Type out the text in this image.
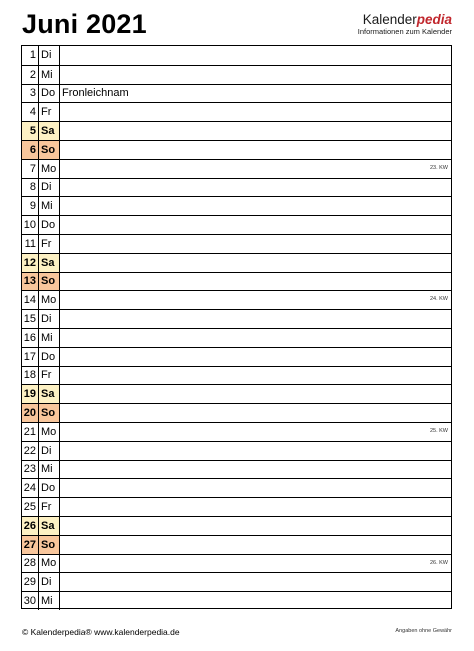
Juni 2021	Kalenderpedia
Informationen zum Kalender
1 Di
2 Mi
3 Do Fronleichnam
4 Fr
5 Sa
6 So
7 Mo	23. KW
8 Di
9 Mi
10 Do
11 Fr
12 Sa
13 So
14 Mo	24. KW
15 Di
16 Mi
17 Do
18 Fr
19 Sa
20 So
21 Mo	25. KW
22 Di
23 Mi
24 Do
25 Fr
26 Sa
27 So
28 Mo	26. KW
29 Di
30 Mi
© Kalenderpedia® www.kalenderpedia.de	Angaben ohne Gewähr
